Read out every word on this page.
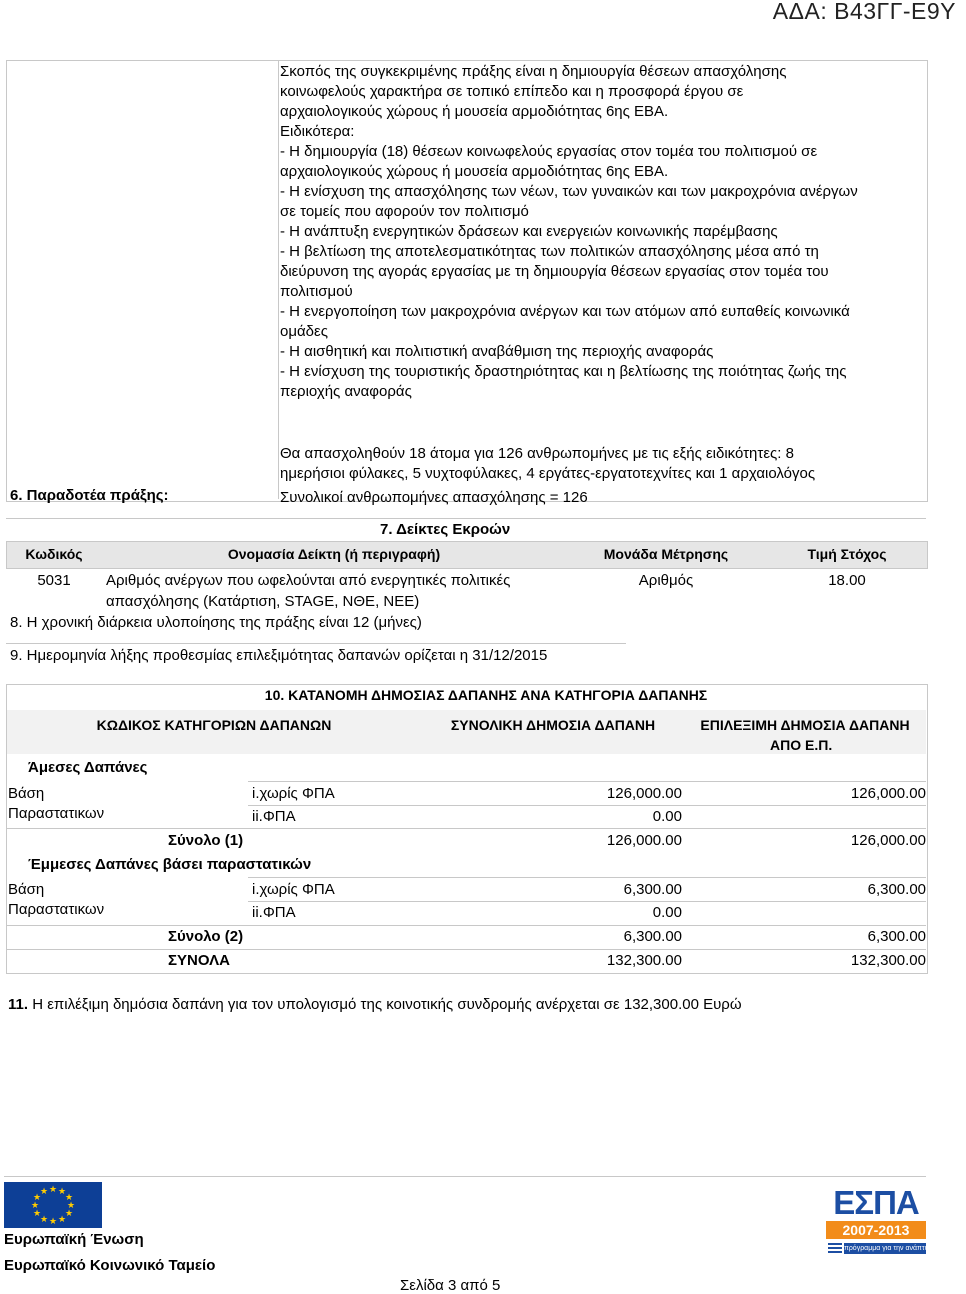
ΑΔΑ: Β43ΓΓ-Ε9Υ
Σκοπός της συγκεκριμένης πράξης είναι η δημιουργία θέσεων απασχόλησης
κοινωφελούς χαρακτήρα σε τοπικό επίπεδο και η προσφορά έργου σε
αρχαιολογικούς χώρους ή μουσεία αρμοδιότητας 6ης ΕΒΑ.
Ειδικότερα:
- Η δημιουργία (18) θέσεων κοινωφελούς εργασίας στον τομέα του πολιτισμού σε
αρχαιολογικούς χώρους ή μουσεία αρμοδιότητας 6ης ΕΒΑ.
- Η ενίσχυση της απασχόλησης των νέων, των γυναικών και των μακροχρόνια ανέργων
σε τομείς που αφορούν τον πολιτισμό
- Η ανάπτυξη ενεργητικών δράσεων και ενεργειών κοινωνικής παρέμβασης
- Η βελτίωση της αποτελεσματικότητας των πολιτικών απασχόλησης μέσα από τη
διεύρυνση της αγοράς εργασίας με τη δημιουργία θέσεων εργασίας στον τομέα του
πολιτισμού
- Η ενεργοποίηση των μακροχρόνια ανέργων και των ατόμων από ευπαθείς κοινωνικά
ομάδες
- Η αισθητική και πολιτιστική αναβάθμιση της περιοχής αναφοράς
- Η ενίσχυση της τουριστικής δραστηριότητας και η βελτίωσης της ποιότητας ζωής της
περιοχής αναφοράς
Θα απασχοληθούν 18 άτομα για 126 ανθρωπομήνες με τις εξής ειδικότητες: 8
ημερήσιοι φύλακες, 5 νυχτοφύλακες, 4 εργάτες-εργατοτεχνίτες και 1 αρχαιολόγος
6. Παραδοτέα πράξης:	Συνολικοί ανθρωπομήνες απασχόλησης = 126
7. Δείκτες Εκροών
Κωδικός	Ονομασία Δείκτη (ή περιγραφή)	Μονάδα Μέτρησης	Τιμή Στόχος
5031	Αριθμός ανέργων που ωφελούνται από ενεργητικές πολιτικές
απασχόλησης (Κατάρτιση, STAGE, ΝΘΕ, ΝΕΕ)
Αριθμός	18.00
8. Η χρονική διάρκεια υλοποίησης της πράξης είναι 12 (μήνες)
9. Ημερομηνία λήξης προθεσμίας επιλεξιμότητας δαπανών ορίζεται η 31/12/2015
10. ΚΑΤΑΝΟΜΗ ΔΗΜΟΣΙΑΣ ΔΑΠΑΝΗΣ ΑΝΑ ΚΑΤΗΓΟΡΙΑ ΔΑΠΑΝΗΣ
ΚΩΔΙΚΟΣ ΚΑΤΗΓΟΡΙΩΝ ΔΑΠΑΝΩΝ	ΣΥΝΟΛΙΚΗ ΔΗΜΟΣΙΑ ΔΑΠΑΝΗ	ΕΠΙΛΕΞΙΜΗ ΔΗΜΟΣΙΑ ΔΑΠΑΝΗ
ΑΠΟ Ε.Π.
Άμεσες Δαπάνες
Βάση
Παραστατικων
i.χωρίς ΦΠΑ	126,000.00	126,000.00
ii.ΦΠΑ	0.00
Σύνολο (1)	126,000.00	126,000.00
Έμμεσες Δαπάνες βάσει παραστατικών
Βάση
Παραστατικων
i.χωρίς ΦΠΑ	6,300.00	6,300.00
ii.ΦΠΑ	0.00
Σύνολο (2)	6,300.00	6,300.00
ΣΥΝΟΛΑ	132,300.00	132,300.00
11. Η επιλέξιμη δημόσια δαπάνη για τον υπολογισμό της κοινοτικής συνδρομής ανέρχεται σε 132,300.00 Ευρώ
★ ★
★
★
★
★
★
★
★
★
★
★
Ευρωπαϊκή Ένωση
Ευρωπαϊκό Κοινωνικό Ταμείο
Σελίδα 3 από 5
ΕΣΠΑ
2007-2013
πρόγραμμα για την ανάπτυξη
